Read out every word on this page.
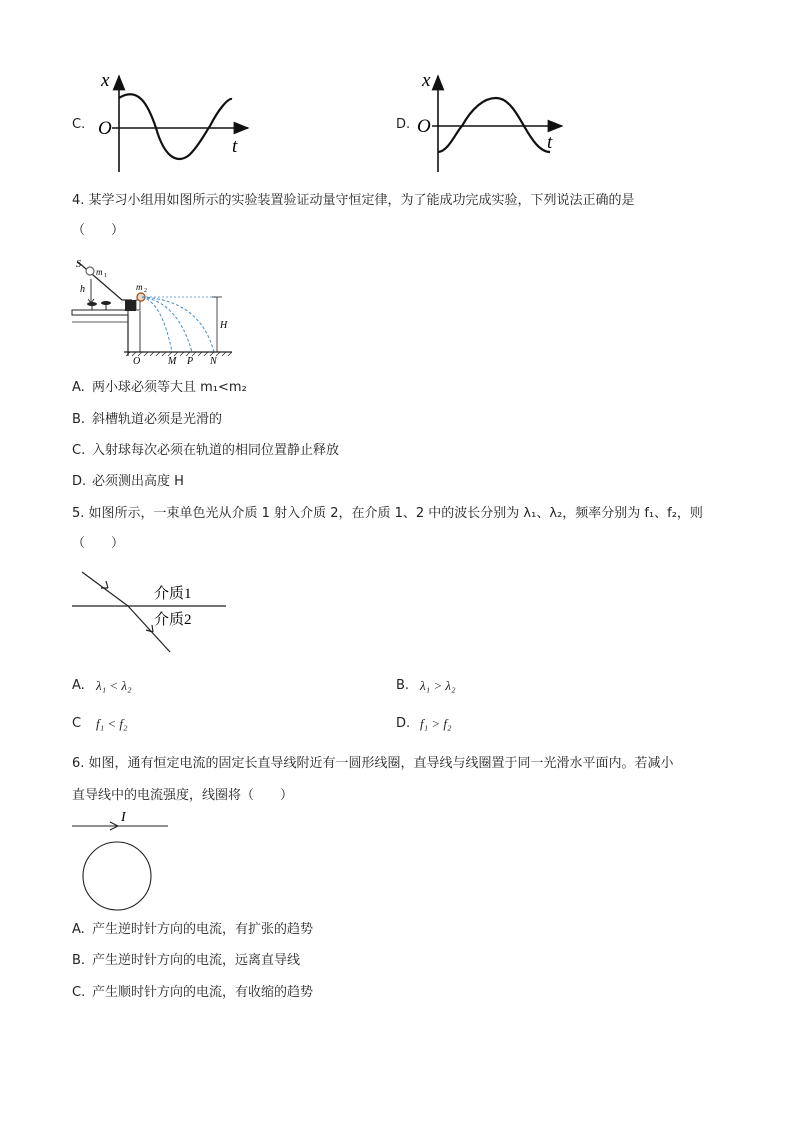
C.
x
O
t
D.
x
O
t
4. 某学习小组用如图所示的实验装置验证动量守恒定律，为了能成功完成实验，下列说法正确的是
（　　）
S
m 1
h	m 2
H
O	M P N
A. 两小球必须等大且 m₁<m₂
B. 斜槽轨道必须是光滑的
C. 入射球每次必须在轨道的相同位置静止释放
D. 必须测出高度 H
5. 如图所示，一束单色光从介质 1 射入介质 2，在介质 1、2 中的波长分别为 λ₁、λ₂，频率分别为 f₁、f₂，则
（　　）
介质1
介质2
A. λ₁ < λ₂	B. λ₁ > λ₂
C f₁ < f₂	D. f₁ > f₂
6. 如图，通有恒定电流的固定长直导线附近有一圆形线圈，直导线与线圈置于同一光滑水平面内。若减小
直导线中的电流强度，线圈将（　　）
I
A. 产生逆时针方向的电流，有扩张的趋势
B. 产生逆时针方向的电流，远离直导线
C. 产生顺时针方向的电流，有收缩的趋势
